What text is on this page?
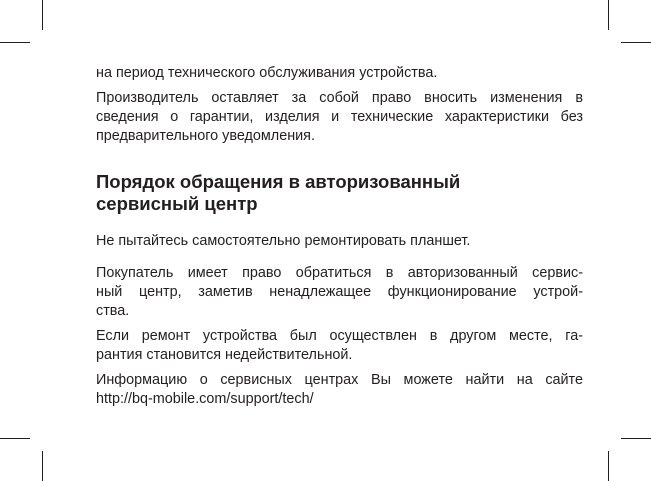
на период технического обслуживания устройства.

Производитель оставляет за собой право вносить изменения в сведения о гарантии, изделия и технические характеристики без предварительного уведомления.

Порядок обращения в авторизованный
сервисный центр

Не пытайтесь самостоятельно ремонтировать планшет.

Покупатель имеет право обратиться в авторизованный сервис-
ный центр, заметив ненадлежащее функционирование устрой-
ства.

Если ремонт устройства был осуществлен в другом месте, га-
рантия становится недействительной.

Информацию о сервисных центрах Вы можете найти на сайте
http://bq-mobile.com/support/tech/
